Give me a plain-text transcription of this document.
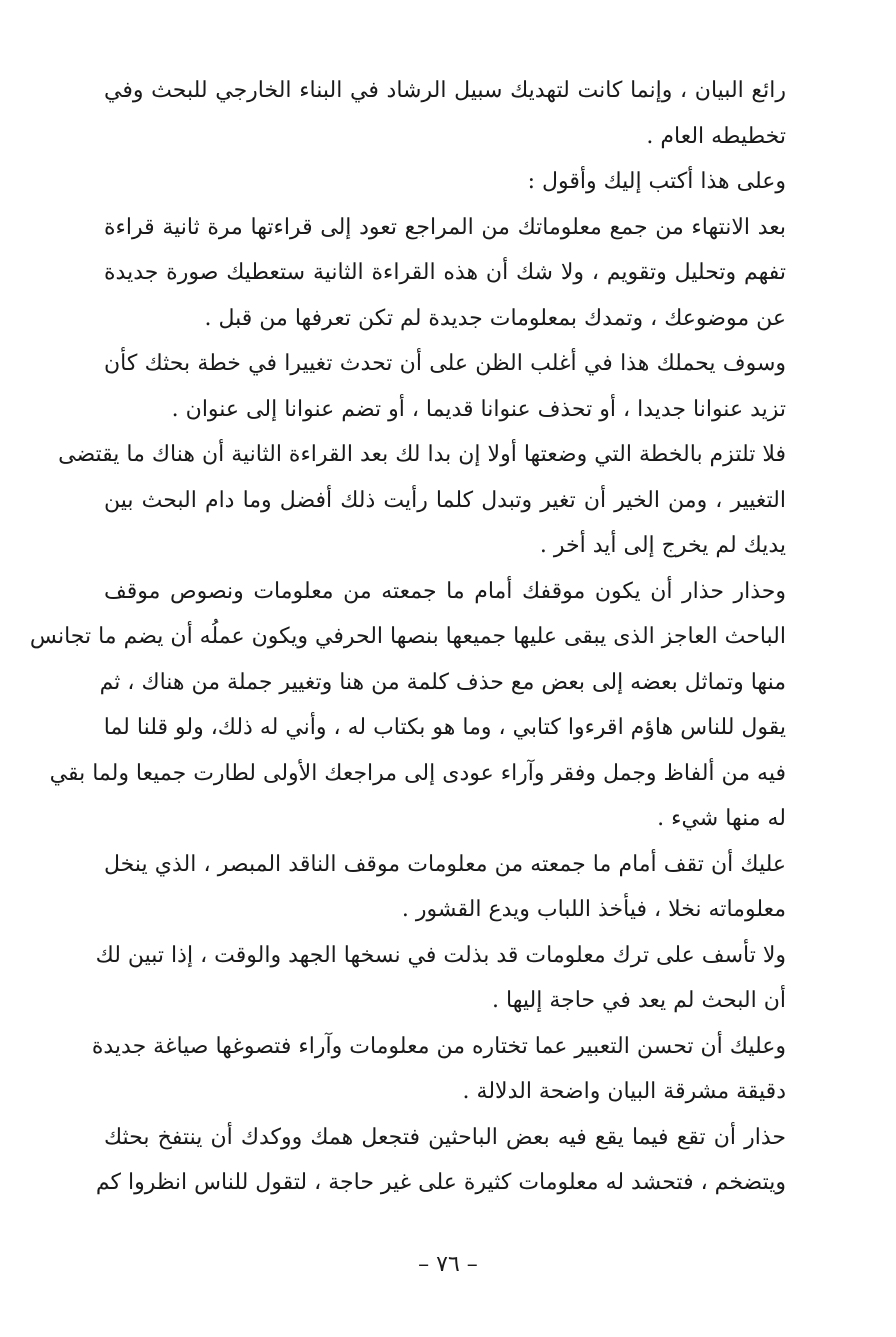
رائع البيان ، وإنما كانت لتهديك سبيل الرشاد في البناء الخارجي للبحث وفي
تخطيطه العام .
وعلى هذا أكتب إليك وأقول :
بعد الانتهاء من جمع معلوماتك من المراجع تعود إلى قراءتها مرة ثانية قراءة
تفهم وتحليل وتقويم ، ولا شك أن هذه القراءة الثانية ستعطيك صورة جديدة
عن موضوعك ، وتمدك بمعلومات جديدة لم تكن تعرفها من قبل .
وسوف يحملك هذا في أغلب الظن على أن تحدث تغييرا في خطة بحثك كأن
تزيد عنوانا جديدا ، أو تحذف عنوانا قديما ، أو تضم عنوانا إلى عنوان .
فلا تلتزم بالخطة التي وضعتها أولا إن بدا لك بعد القراءة الثانية أن هناك ما يقتضى
التغيير ، ومن الخير أن تغير وتبدل كلما رأيت ذلك أفضل وما دام البحث بين
يديك لم يخرج إلى أيد أخر .
وحذار حذار أن يكون موقفك أمام ما جمعته من معلومات ونصوص موقف
الباحث العاجز الذى يبقى عليها جميعها بنصها الحرفي ويكون عملُه أن يضم ما تجانس
منها وتماثل بعضه إلى بعض مع حذف كلمة من هنا وتغيير جملة من هناك ، ثم
يقول للناس هاؤم اقرءوا كتابي ، وما هو بكتاب له ، وأني له ذلك، ولو قلنا لما
فيه من ألفاظ وجمل وفقر وآراء عودى إلى مراجعك الأولى لطارت جميعا ولما بقي
له منها شيء .
عليك أن تقف أمام ما جمعته من معلومات موقف الناقد المبصر ، الذي ينخل
معلوماته نخلا ، فيأخذ اللباب ويدع القشور .
ولا تأسف على ترك معلومات قد بذلت في نسخها الجهد والوقت ، إذا تبين لك
أن البحث لم يعد في حاجة إليها .
وعليك أن تحسن التعبير عما تختاره من معلومات وآراء فتصوغها صياغة جديدة
دقيقة مشرقة البيان واضحة الدلالة .
حذار أن تقع فيما يقع فيه بعض الباحثين فتجعل همك ووكدك أن ينتفخ بحثك
ويتضخم ، فتحشد له معلومات كثيرة على غير حاجة ، لتقول للناس انظروا كم
– ٧٦ –
